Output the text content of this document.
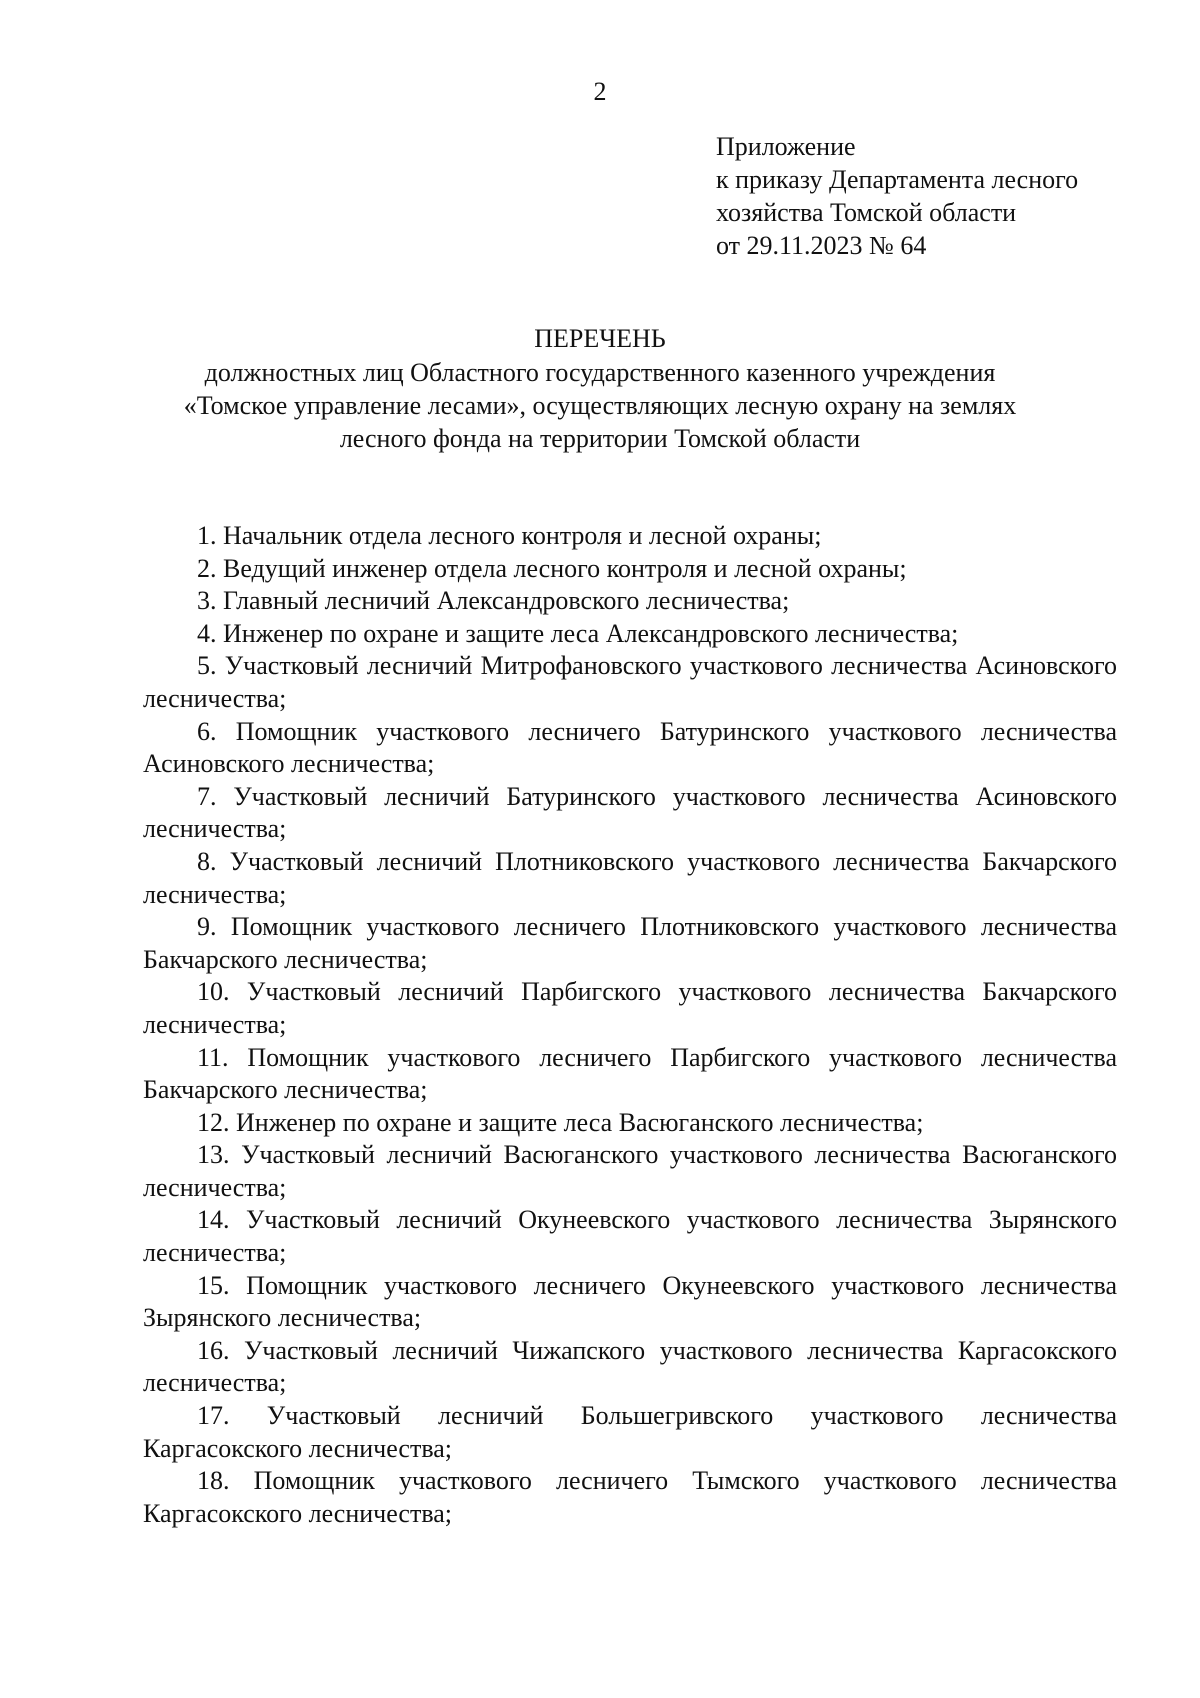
2
Приложение
к приказу Департамента лесного
хозяйства Томской области
от 29.11.2023 № 64
ПЕРЕЧЕНЬ
должностных лиц Областного государственного казенного учреждения
«Томское управление лесами», осуществляющих лесную охрану на землях
лесного фонда на территории Томской области

1. Начальник отдела лесного контроля и лесной охраны;

2. Ведущий инженер отдела лесного контроля и лесной охраны;

3. Главный лесничий Александровского лесничества;

4. Инженер по охране и защите леса Александровского лесничества;

5. Участковый лесничий Митрофановского участкового лесничества Асиновского лесничества;

6. Помощник участкового лесничего Батуринского участкового лесничества Асиновского лесничества;

7. Участковый лесничий Батуринского участкового лесничества Асиновского лесничества;

8. Участковый лесничий Плотниковского участкового лесничества Бакчарского лесничества;

9. Помощник участкового лесничего Плотниковского участкового лесничества Бакчарского лесничества;

10. Участковый лесничий Парбигского участкового лесничества Бакчарского лесничества;

11. Помощник участкового лесничего Парбигского участкового лесничества Бакчарского лесничества;

12. Инженер по охране и защите леса Васюганского лесничества;

13. Участковый лесничий Васюганского участкового лесничества Васюганского лесничества;

14. Участковый лесничий Окунеевского участкового лесничества Зырянского лесничества;

15. Помощник участкового лесничего Окунеевского участкового лесничества Зырянского лесничества;

16. Участковый лесничий Чижапского участкового лесничества Каргасокского лесничества;

17. Участковый лесничий Большегривского участкового лесничества Каргасокского лесничества;

18. Помощник участкового лесничего Тымского участкового лесничества Каргасокского лесничества;
